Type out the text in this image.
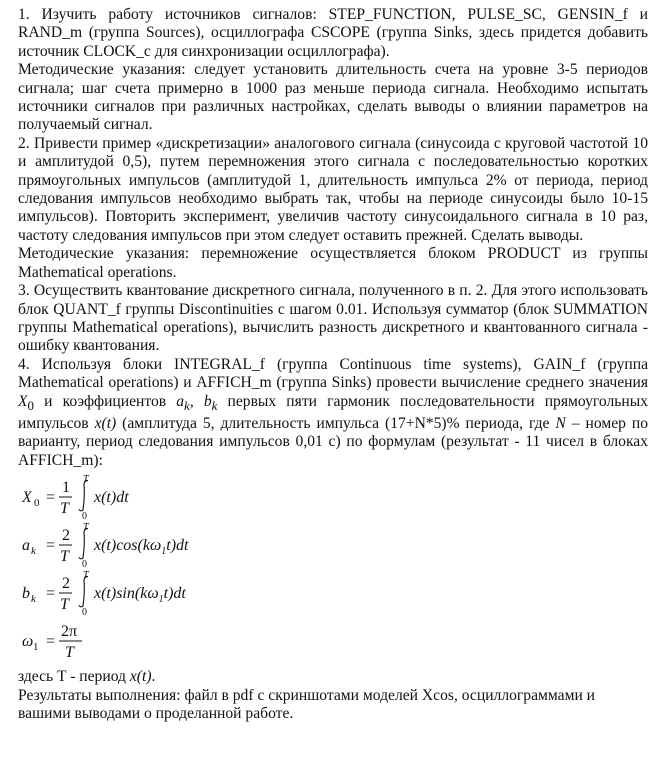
1. Изучить работу источников сигналов: STEP_FUNCTION, PULSE_SC, GENSIN_f и RAND_m (группа Sources), осциллографа CSCOPE (группа Sinks, здесь придется добавить источник CLOCK_c для синхронизации осциллографа).

Методические указания: следует установить длительность счета на уровне 3-5 периодов сигнала; шаг счета примерно в 1000 раз меньше периода сигнала. Необходимо испытать источники сигналов при различных настройках, сделать выводы о влиянии параметров на получаемый сигнал.

2. Привести пример «дискретизации» аналогового сигнала (синусоида с круговой частотой 10 и амплитудой 0,5), путем перемножения этого сигнала с последовательностью коротких прямоугольных импульсов (амплитудой 1, длительность импульса 2% от периода, период следования импульсов необходимо выбрать так, чтобы на периоде синусоиды было 10-15 импульсов). Повторить эксперимент, увеличив частоту синусоидального сигнала в 10 раз, частоту следования импульсов при этом следует оставить прежней. Сделать выводы.

Методические указания: перемножение осуществляется блоком PRODUCT из группы Mathematical operations.

3. Осуществить квантование дискретного сигнала, полученного в п. 2. Для этого использовать блок QUANT_f группы Discontinuities с шагом 0.01. Используя сумматор (блок SUMMATION группы Mathematical operations), вычислить разность дискретного и квантованного сигнала - ошибку квантования.

4. Используя блоки INTEGRAL_f (группа Continuous time systems), GAIN_f (группа Mathematical operations) и AFFICH_m (группа Sinks) провести вычисление среднего значения $X_0$ и коэффициентов $a_k$, $b_k$ первых пяти гармоник последовательности прямоугольных импульсов x(t) (амплитуда 5, длительность импульса (17+N*5)% периода, где N – номер по варианту, период следования импульсов 0,01 с) по формулам (результат - 11 чисел в блоках AFFICH_m):

X 0 =
1
T
T
0
x(t)dt
a k =
2
T
T
0
$x(t)\cos(k\omega_1t)dt$
b k =
2
T
T
0
$x(t)\sin(k\omega_1t)dt$
ω 1 =
2π
T

здесь T - период x(t).

Результаты выполнения: файл в pdf с скриншотами моделей Xcos, осциллограммами и вашими выводами о проделанной работе.
